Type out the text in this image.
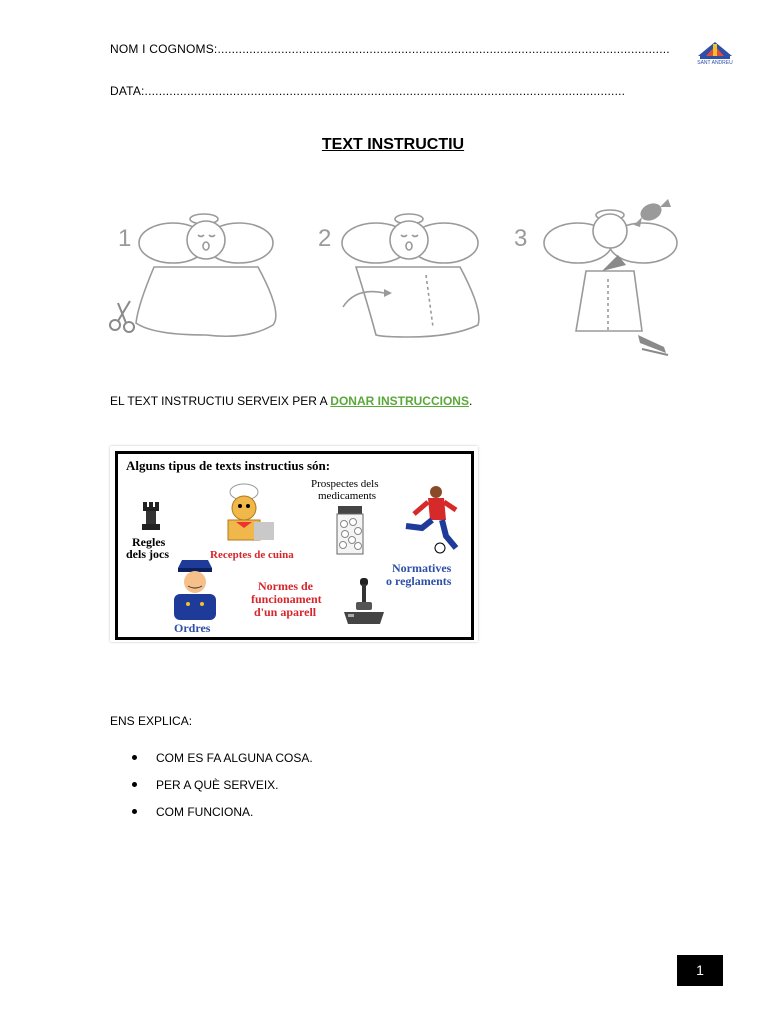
NOM I COGNOMS:................................................................................................................................
DATA:........................................................................................................................................
SANT ANDREU
TEXT INSTRUCTIU
1	2	3
EL TEXT INSTRUCTIU SERVEIX PER A DONAR INSTRUCCIONS.
Alguns tipus de texts instructius són:
Regles
dels jocs	Receptes de cuina
Prospectes dels
medicaments
Normatives
o reglaments
Ordres
Normes de
funcionament
d'un aparell
ENS EXPLICA:
COM ES FA ALGUNA COSA.
PER A QUÈ SERVEIX.
COM FUNCIONA.
1
